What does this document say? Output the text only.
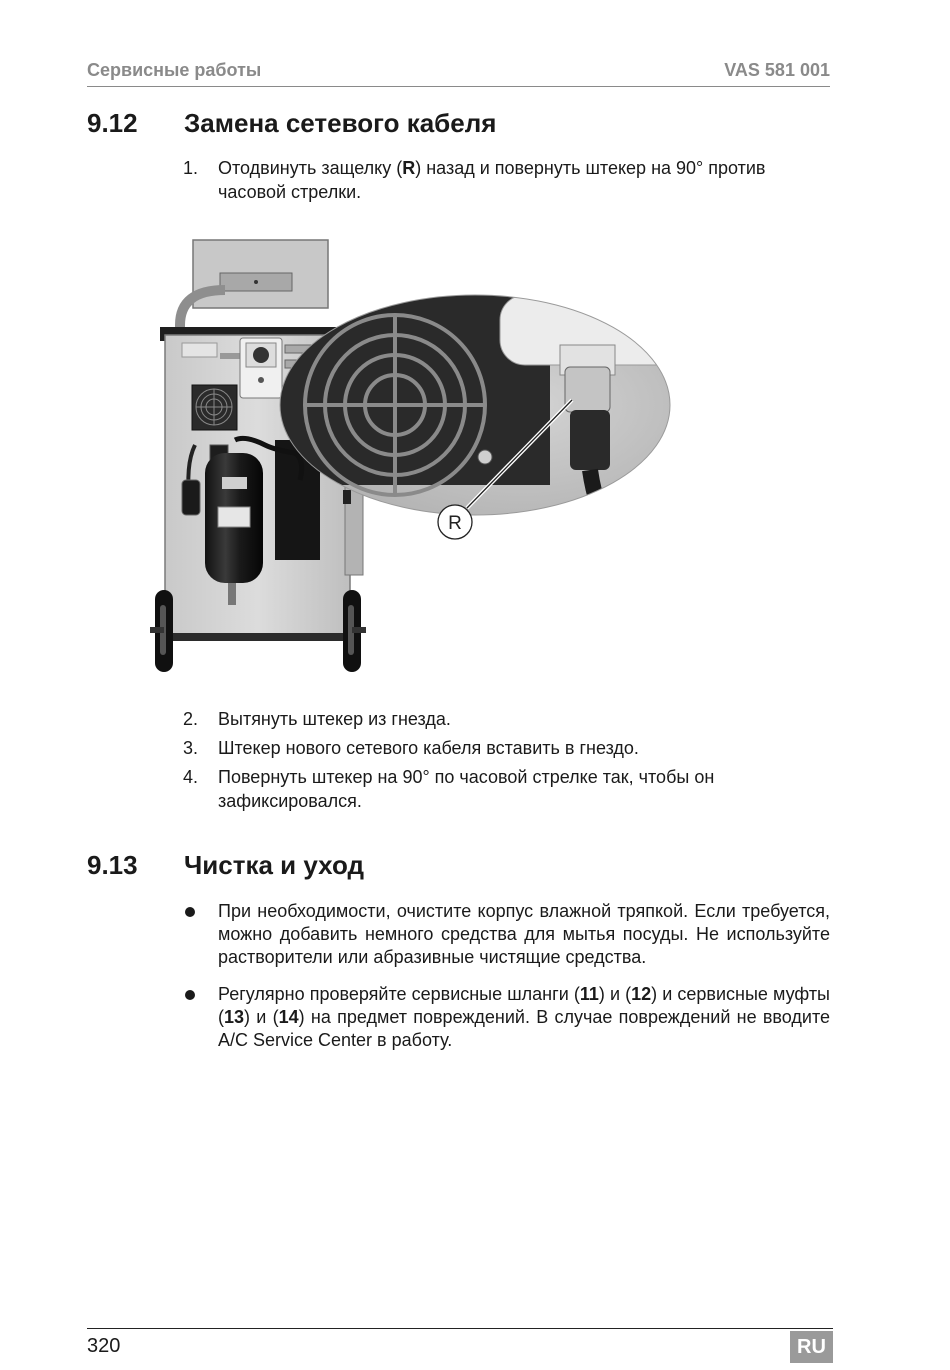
Сервисные работы	VAS 581 001
9.12 Замена сетевого кабеля
1. Отодвинуть защелку (R) назад и повернуть штекер на 90° против часовой стрелки.
R
2. Вытянуть штекер из гнезда.
3. Штекер нового сетевого кабеля вставить в гнездо.
4. Повернуть штекер на 90° по часовой стрелке так, чтобы он зафиксировался.
9.13 Чистка и уход
При необходимости, очистите корпус влажной тряпкой. Если требуется, можно добавить немного средства для мытья посуды. Не используйте растворители или абразивные чистящие средства.
Регулярно проверяйте сервисные шланги (11) и (12) и сервисные муфты (13) и (14) на предмет повреждений. В случае повреждений не вводите A/C Service Center в работу.
320	RU
